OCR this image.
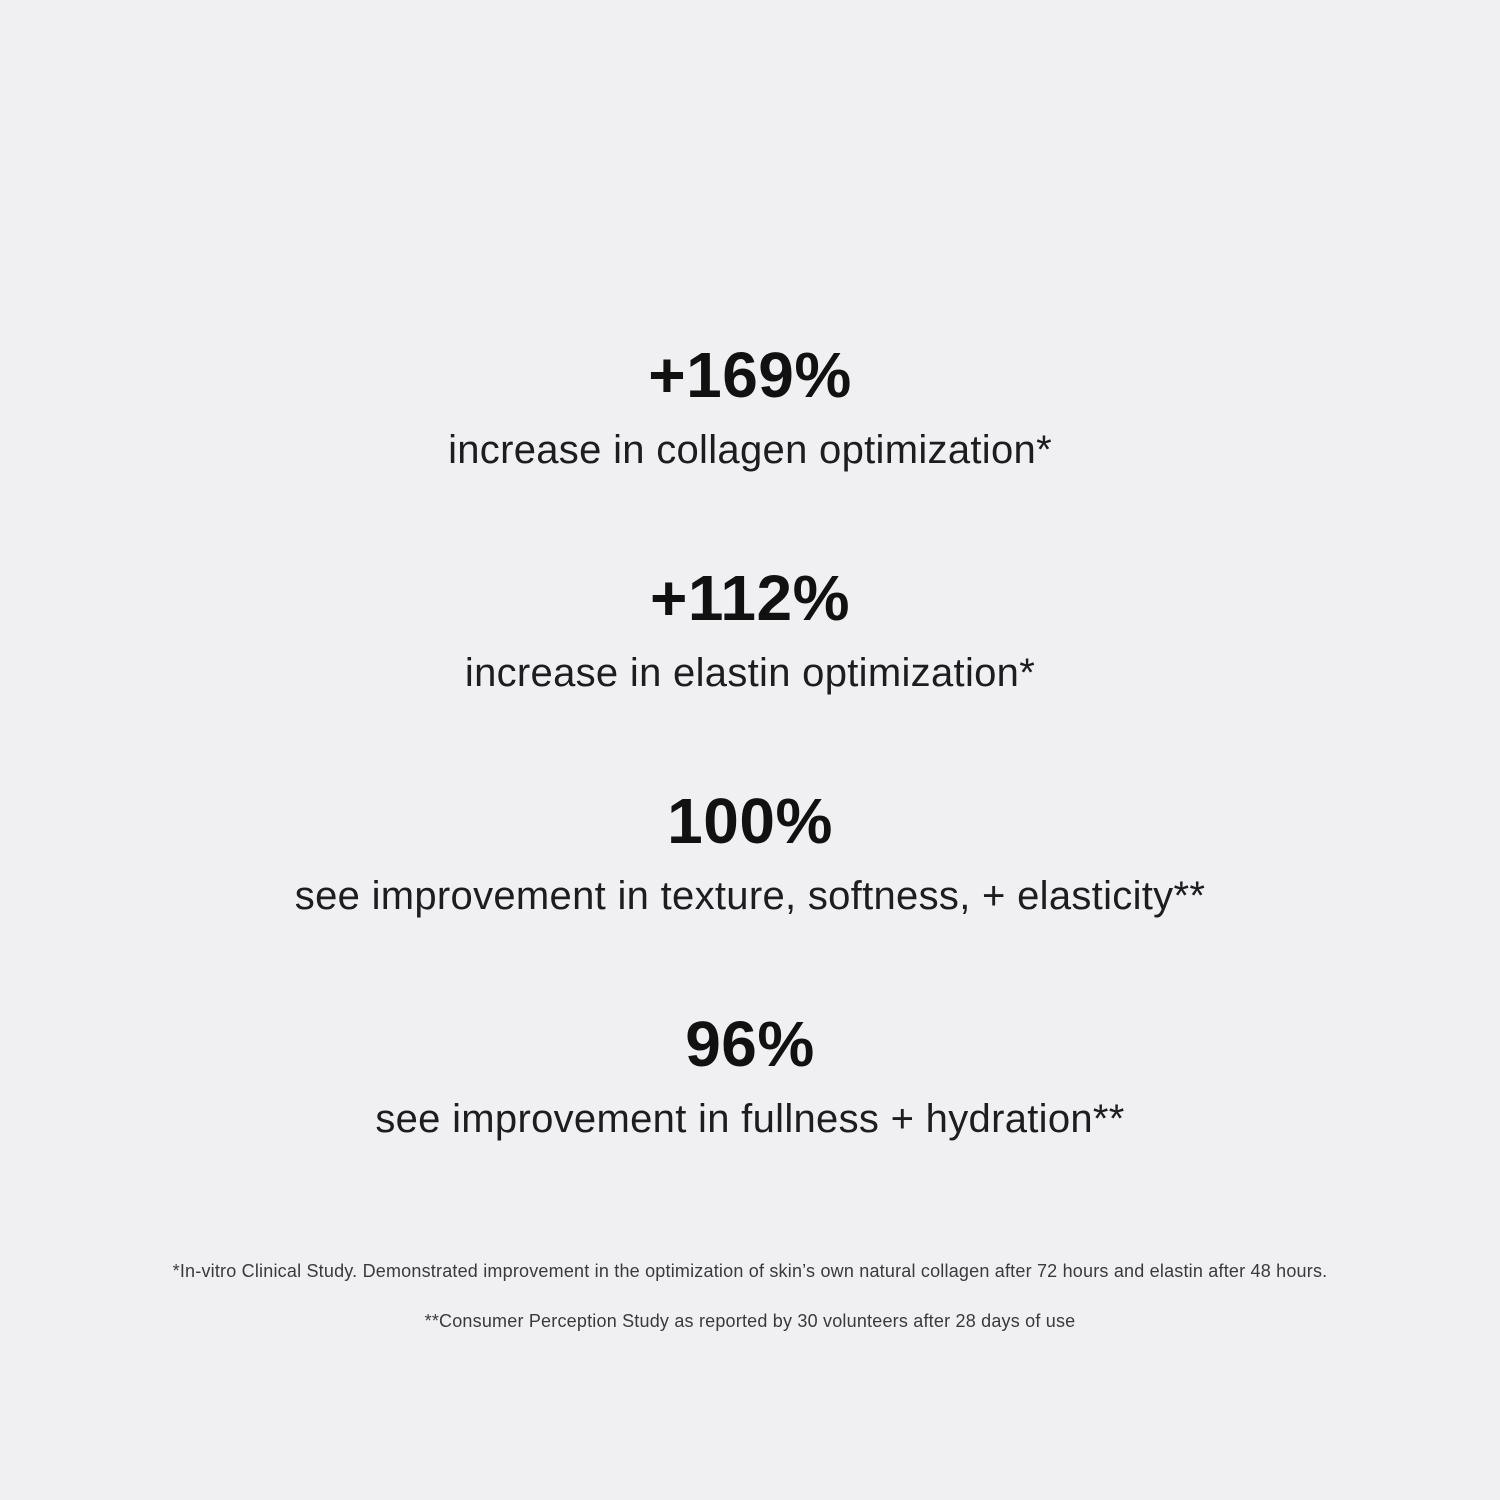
+169%
increase in collagen optimization*
+112%
increase in elastin optimization*
100%
see improvement in texture, softness, + elasticity**
96%
see improvement in fullness + hydration**

*In-vitro Clinical Study. Demonstrated improvement in the optimization of skin’s own natural collagen after 72 hours and elastin after 48 hours.

**Consumer Perception Study as reported by 30 volunteers after 28 days of use
